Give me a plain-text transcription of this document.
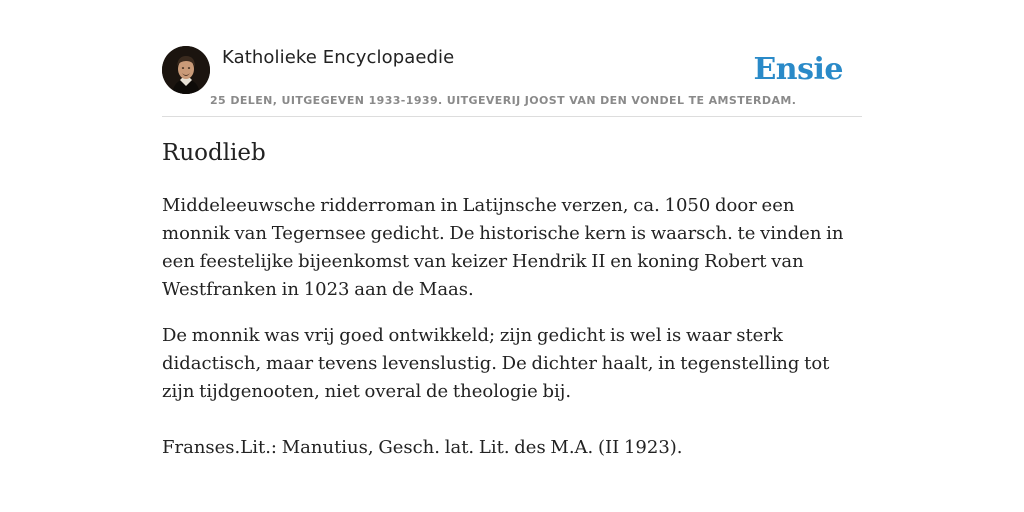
Katholieke Encyclopaedie
25 DELEN, UITGEGEVEN 1933-1939. UITGEVERIJ JOOST VAN DEN VONDEL TE AMSTERDAM.
Ensie
Ruodlieb

Middeleeuwsche ridderroman in Latijnsche verzen, ca. 1050 door een monnik van Tegernsee gedicht. De historische kern is waarsch. te vinden in een feestelijke bijeenkomst van keizer Hendrik II en koning Robert van Westfranken in 1023 aan de Maas.

De monnik was vrij goed ontwikkeld; zijn gedicht is wel is waar sterk didactisch, maar tevens levenslustig. De dichter haalt, in tegenstelling tot zijn tijdgenooten, niet overal de theologie bij.

Franses.Lit.: Manutius, Gesch. lat. Lit. des M.A. (II 1923).
